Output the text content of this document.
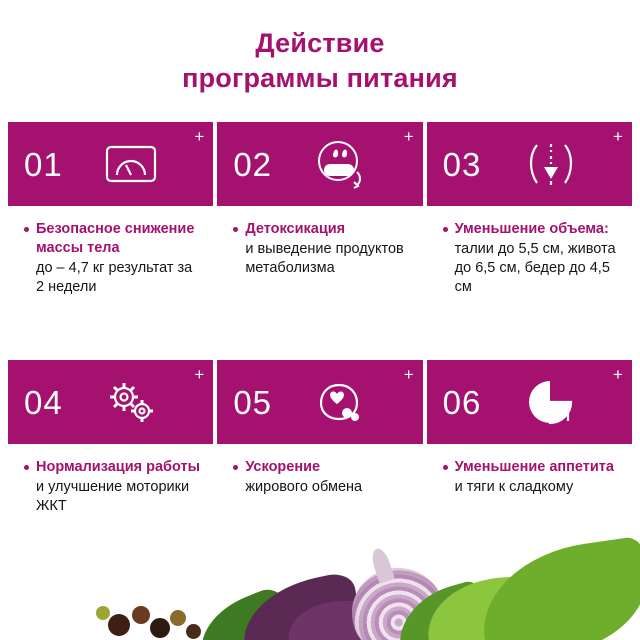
Действие
программы питания
01
+
Безопасное снижение массы тела
до – 4,7 кг результат за 2 недели
02
+
Детоксикация
и выведение продуктов метаболизма
03
+
Уменьшение объема:
талии до 5,5 см, живота до 6,5 см, бедер до 4,5 см
04
+
Нормализация работы
и улучшение моторики ЖКТ
05
+
Ускорение
жирового обмена
06
+
Уменьшение аппетита
и тяги к сладкому
